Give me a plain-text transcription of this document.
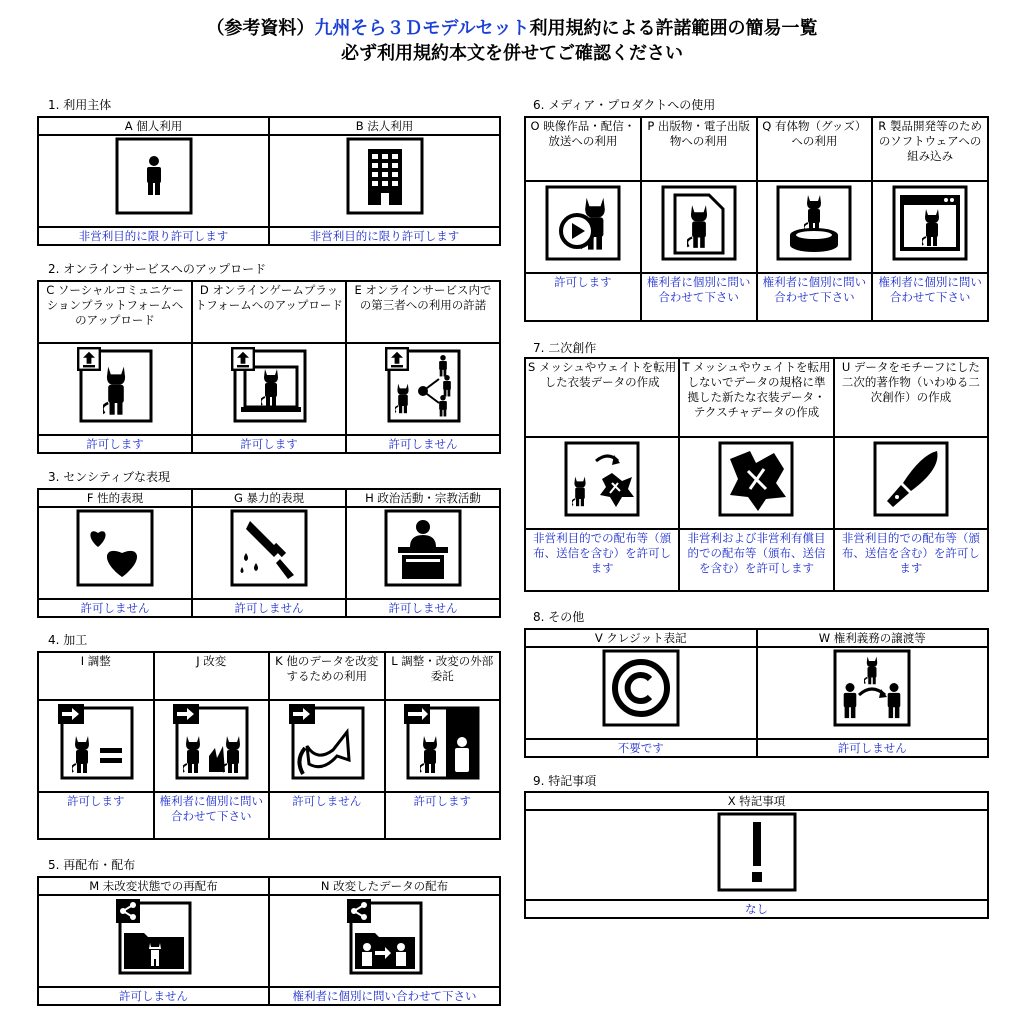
（参考資料）九州そら３Ｄモデルセット利用規約による許諾範囲の簡易一覧
必ず利用規約本文を併せてご確認ください
1. 利用主体
A 個人利用	B 法人利用

非営利目的に限り許可します	非営利目的に限り許可します
2. オンラインサービスへのアップロード
C ソーシャルコミュニケーションプラットフォームへのアップロード	D オンラインゲームプラットフォームへのアップロード	E オンラインサービス内での第三者への利用の許諾

許可します	許可します	許可しません
3. センシティブな表現
F 性的表現	G 暴力的表現	H 政治活動・宗教活動

許可しません	許可しません	許可しません
4. 加工
I 調整	J 改変	K 他のデータを改変するための利用	L 調整・改変の外部委託

許可します	権利者に個別に問い合わせて下さい	許可しません	許可します
5. 再配布・配布
M 未改変状態での再配布	N 改変したデータの配布

許可しません	権利者に個別に問い合わせて下さい
6. メディア・プロダクトへの使用
O 映像作品・配信・放送への利用	P 出版物・電子出版物への利用	Q 有体物（グッズ）への利用	R 製品開発等のためのソフトウェアへの組み込み

許可します	権利者に個別に問い合わせて下さい	権利者に個別に問い合わせて下さい	権利者に個別に問い合わせて下さい
7. 二次創作
S メッシュやウェイトを転用した衣装データの作成	T メッシュやウェイトを転用しないでデータの規格に準拠した新たな衣装データ・テクスチャデータの作成	U データをモチーフにした二次的著作物（いわゆる二次創作）の作成

非営利目的での配布等（頒布、送信を含む）を許可します	非営利および非営利有償目的での配布等（頒布、送信を含む）を許可します	非営利目的での配布等（頒布、送信を含む）を許可します
8. その他
V クレジット表記	W 権利義務の譲渡等

不要です	許可しません
9. 特記事項
X 特記事項

なし
